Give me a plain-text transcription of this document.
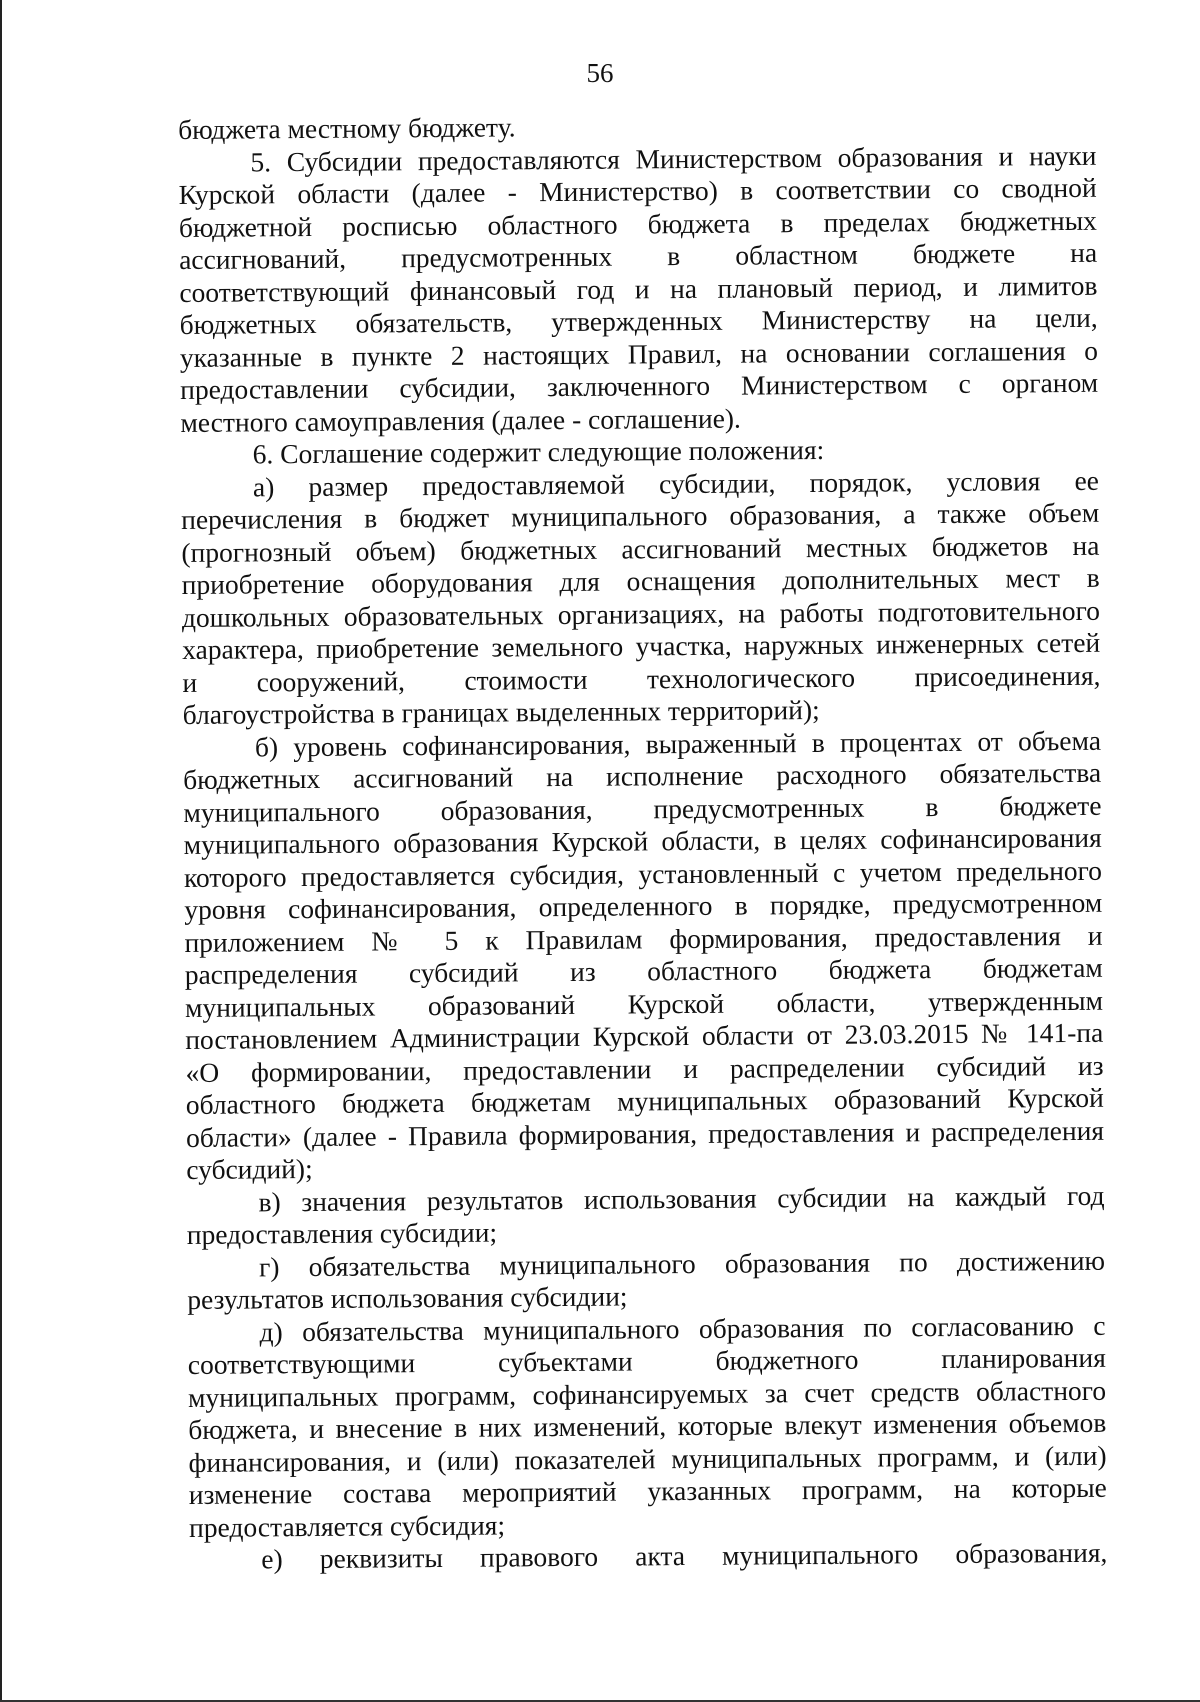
56

бюджета местному бюджету.

5. Субсидии предоставляются Министерством образования и науки
Курской области (далее - Министерство) в соответствии со сводной
бюджетной росписью областного бюджета в пределах бюджетных
ассигнований, предусмотренных в областном бюджете на
соответствующий финансовый год и на плановый период, и лимитов
бюджетных обязательств, утвержденных Министерству на цели,
указанные в пункте 2 настоящих Правил, на основании соглашения о
предоставлении субсидии, заключенного Министерством с органом
местного самоуправления (далее - соглашение).

6. Соглашение содержит следующие положения:

а) размер предоставляемой субсидии, порядок, условия ее
перечисления в бюджет муниципального образования, а также объем
(прогнозный объем) бюджетных ассигнований местных бюджетов на
приобретение оборудования для оснащения дополнительных мест в
дошкольных образовательных организациях, на работы подготовительного
характера, приобретение земельного участка, наружных инженерных сетей
и сооружений, стоимости технологического присоединения,
благоустройства в границах выделенных территорий);

б) уровень софинансирования, выраженный в процентах от объема
бюджетных ассигнований на исполнение расходного обязательства
муниципального образования, предусмотренных в бюджете
муниципального образования Курской области, в целях софинансирования
которого предоставляется субсидия, установленный с учетом предельного
уровня софинансирования, определенного в порядке, предусмотренном
приложением № 5 к Правилам формирования, предоставления и
распределения субсидий из областного бюджета бюджетам
муниципальных образований Курской области, утвержденным
постановлением Администрации Курской области от 23.03.2015 № 141-па
«О формировании, предоставлении и распределении субсидий из
областного бюджета бюджетам муниципальных образований Курской
области» (далее - Правила формирования, предоставления и распределения
субсидий);

в) значения результатов использования субсидии на каждый год
предоставления субсидии;

г) обязательства муниципального образования по достижению
результатов использования субсидии;

д) обязательства муниципального образования по согласованию с
соответствующими субъектами бюджетного планирования
муниципальных программ, софинансируемых за счет средств областного
бюджета, и внесение в них изменений, которые влекут изменения объемов
финансирования, и (или) показателей муниципальных программ, и (или)
изменение состава мероприятий указанных программ, на которые
предоставляется субсидия;

е) реквизиты правового акта муниципального образования,
